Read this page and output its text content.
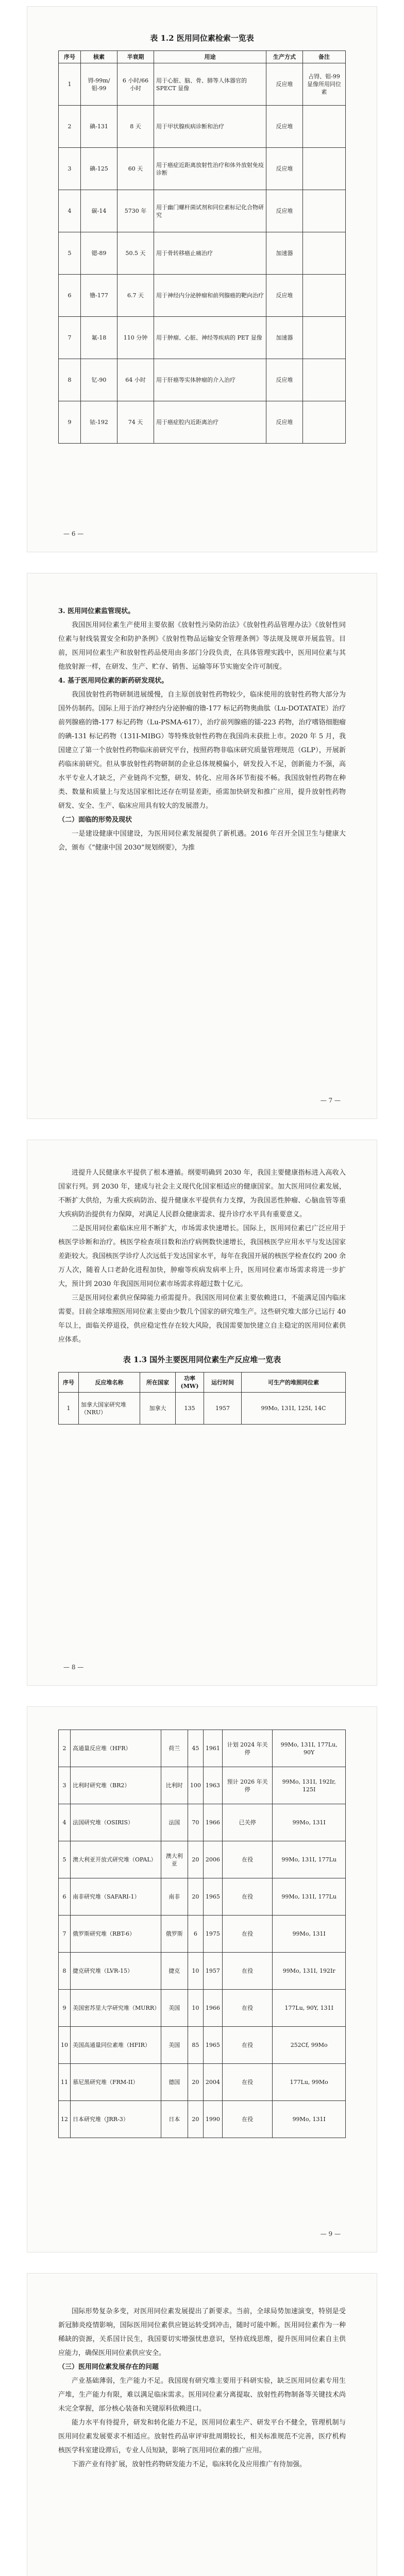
表 1.2 医用同位素检索一览表
序号	核素	半衰期	用途	生产方式	备注
1	锝-99m/钼-99	6 小时/66 小时	用于心脏、脑、骨、肺等人体器官的 SPECT 显像	反应堆	占锝、钼-99 显像所用同位素
2	碘-131	8 天	用于甲状腺疾病诊断和治疗	反应堆	
3	碘-125	60 天	用于癌症近距离放射性治疗和体外放射免疫诊断	反应堆	
4	碳-14	5730 年	用于幽门螺杆菌试剂和同位素标记化合物研究	反应堆	
5	锶-89	50.5 天	用于骨转移癌止痛治疗	加速器	
6	镥-177	6.7 天	用于神经内分泌肿瘤和前列腺癌的靶向治疗	反应堆	
7	氟-18	110 分钟	用于肿瘤、心脏、神经等疾病的 PET 显像	加速器	
8	钇-90	64 小时	用于肝癌等实体肿瘤的介入治疗	反应堆	
9	铱-192	74 天	用于癌症腔内近距离治疗	反应堆	
— 6 —

3. 医用同位素监管现状。

我国医用同位素生产使用主要依据《放射性污染防治法》《放射性药品管理办法》《放射性同位素与射线装置安全和防护条例》《放射性物品运输安全管理条例》等法规及规章开展监管。目前，医用同位素生产和放射性药品使用由多部门分段负责，在具体管理实践中，医用同位素与其他放射源一样，在研发、生产、贮存、销售、运输等环节实施安全许可制度。

4. 基于医用同位素的新药研发现状。

我国放射性药物研制进展缓慢，自主原创放射性药物较少，临床使用的放射性药物大部分为国外仿制药。国际上用于治疗神经内分泌肿瘤的镥-177 标记药物奥曲肽（Lu-DOTATATE）治疗前列腺癌的镥-177 标记药物（Lu-PSMA-617），治疗前列腺癌的镭-223 药物，治疗嗜铬细胞瘤的碘-131 标记药物（131I-MIBG）等特殊放射性药物在我国尚未获批上市。2020 年 5 月，我国建立了第一个放射性药物临床前研究平台，按照药物非临床研究质量管理规范（GLP），开展新药临床前研究。但从事放射性药物研制的企业总体规模偏小，研发投入不足，创新能力不强，高水平专业人才缺乏，产业链尚不完整，研发、转化、应用各环节衔接不畅。我国放射性药物在种类、数量和质量上与发达国家相比还存在明显差距，亟需加快研发和推广应用，提升放射性药物研发、安全、生产、临床应用具有较大的发展潜力。

（二）面临的形势及现状

一是建设健康中国建设，为医用同位素发展提供了新机遇。2016 年召开全国卫生与健康大会，颁布《“健康中国 2030”规划纲要》，为推

— 7 —

进提升人民健康水平提供了根本遵循。纲要明确到 2030 年，我国主要健康指标进入高收入国家行列。到 2030 年，建成与社会主义现代化国家相适应的健康国家。加大医用同位素发展，不断扩大供给，为重大疾病防治、提升健康水平提供有力支撑，为我国恶性肿瘤、心脑血管等重大疾病防治提供有力保障，对满足人民群众健康需求、提升诊疗水平具有重要意义。

二是医用同位素临床应用不断扩大，市场需求快速增长。国际上，医用同位素已广泛应用于核医学诊断和治疗。核医学检查项目数和治疗病例数快速增长，我国核医学应用水平与发达国家差距较大。我国核医学诊疗人次远低于发达国家水平，每年在我国开展的核医学检查仅约 200 余万人次，随着人口老龄化进程加快，肿瘤等疾病发病率上升，医用同位素市场需求将进一步扩大，预计到 2030 年我国医用同位素市场需求将超过数十亿元。

三是医用同位素供应保障能力亟需提升。我国医用同位素主要依赖进口，不能满足国内临床需要。目前全球堆照医用同位素主要由少数几个国家的研究堆生产。这些研究堆大部分已运行 40 年以上，面临关停退役，供应稳定性存在较大风险，我国需要加快建立自主稳定的医用同位素供应体系。

表 1.3 国外主要医用同位素生产反应堆一览表
序号	反应堆名称	所在国家	功率 (MW)	运行时间	可生产的堆照同位素
1	加拿大国家研究堆（NRU）	加拿大	135	1957	99Mo, 131I, 125I, 14C
— 8 —
2	高通量反应堆（HFR）	荷兰	45	1961	计划 2024 年关停	99Mo, 131I, 177Lu, 90Y
3	比利时研究堆（BR2）	比利时	100	1963	预计 2026 年关停	99Mo, 131I, 192Ir, 125I
4	法国研究堆（OSIRIS）	法国	70	1966	已关停	99Mo, 131I
5	澳大利亚开放式研究堆（OPAL）	澳大利亚	20	2006	在役	99Mo, 131I, 177Lu
6	南非研究堆（SAFARI-1）	南非	20	1965	在役	99Mo, 131I, 177Lu
7	俄罗斯研究堆（RBT-6）	俄罗斯	6	1975	在役	99Mo, 131I
8	捷克研究堆（LVR-15）	捷克	10	1957	在役	99Mo, 131I, 192Ir
9	美国密苏里大学研究堆（MURR）	美国	10	1966	在役	177Lu, 90Y, 131I
10	美国高通量同位素堆（HFIR）	美国	85	1965	在役	252Cf, 99Mo
11	慕尼黑研究堆（FRM-II）	德国	20	2004	在役	177Lu, 99Mo
12	日本研究堆（JRR-3）	日本	20	1990	在役	99Mo, 131I
— 9 —

国际形势复杂多变，对医用同位素发展提出了新要求。当前，全球局势加速演变，特别是受新冠肺炎疫情影响，国际医用同位素供应链运转受到冲击，随时可能中断。医用同位素作为一种稀缺的资源，关系国计民生，我国要切实增强忧患意识，坚持底线思维，提升医用同位素自主供应能力，确保医用同位素供应安全。

（三）医用同位素发展存在的问题

产业基础薄弱，生产能力不足。我国现有研究堆主要用于科研实验，缺乏医用同位素专用生产堆，生产能力有限，难以满足临床需求。医用同位素分离提取、放射性药物制备等关键技术尚未完全掌握，部分核心装备和关键原料依赖进口。

能力水平有待提升，研发和转化能力不足，医用同位素生产、研发平台不健全，管理机制与医用同位素发展要求不相适应。放射性药品审评审批周期较长，相关标准规范不完善，医疗机构核医学科室建设滞后，专业人员短缺，影响了医用同位素的推广应用。

下游产业有待扩展，放射性药物研发能力不足，临床转化及应用推广有待加强。
